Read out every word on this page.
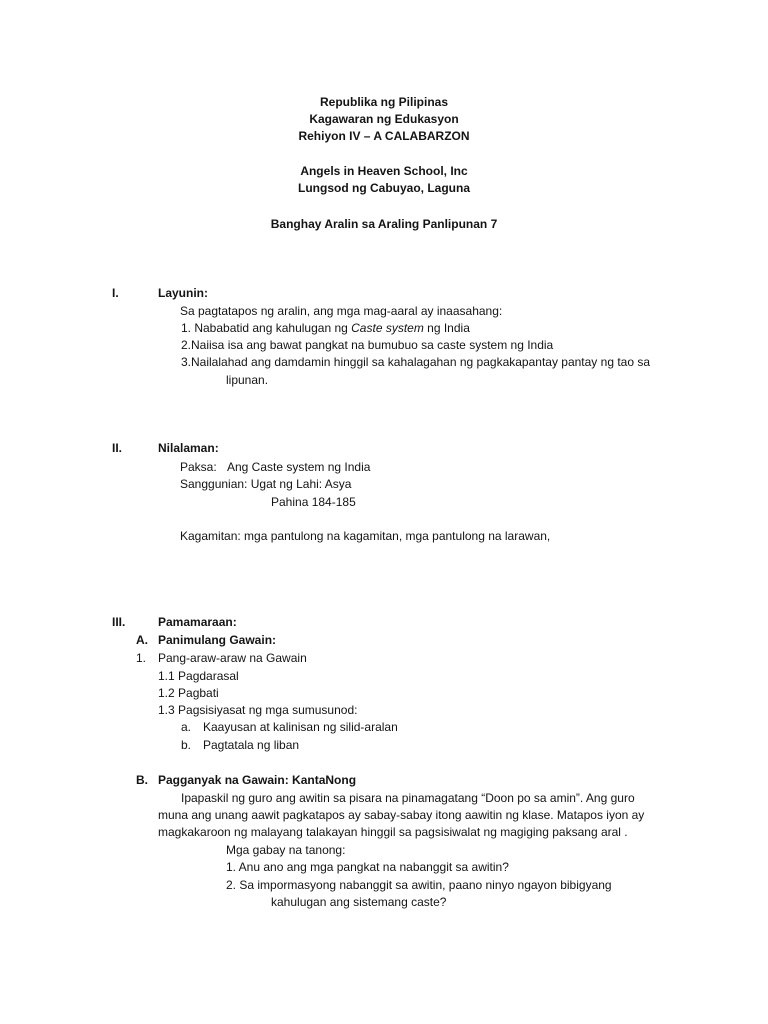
Republika ng Pilipinas
Kagawaran ng Edukasyon
Rehiyon IV – A CALABARZON
Angels in Heaven School, Inc
Lungsod ng Cabuyao, Laguna
Banghay Aralin sa Araling Panlipunan 7
I.	Layunin:
Sa pagtatapos ng aralin, ang mga mag-aaral ay inaasahang:
1. Nababatid ang kahulugan ng Caste system ng India
2.Naiisa isa ang bawat pangkat na bumubuo sa caste system ng India
3.Nailalahad ang damdamin hinggil sa kahalagahan ng pagkakapantay pantay ng tao sa
lipunan.
II.	Nilalaman:
Paksa: Ang Caste system ng India
Sanggunian: Ugat ng Lahi: Asya
Pahina 184-185
Kagamitan: mga pantulong na kagamitan, mga pantulong na larawan,
III.	Pamamaraan:
A. Panimulang Gawain:
1. Pang-araw-araw na Gawain
1.1 Pagdarasal
1.2 Pagbati
1.3 Pagsisiyasat ng mga sumusunod:
a. Kaayusan at kalinisan ng silid-aralan
b. Pagtatala ng liban
B. Pagganyak na Gawain: KantaNong
Ipapaskil ng guro ang awitin sa pisara na pinamagatang “Doon po sa amin”. Ang guro
muna ang unang aawit pagkatapos ay sabay-sabay itong aawitin ng klase. Matapos iyon ay
magkakaroon ng malayang talakayan hinggil sa pagsisiwalat ng magiging paksang aral .
Mga gabay na tanong:
1. Anu ano ang mga pangkat na nabanggit sa awitin?
2. Sa impormasyong nabanggit sa awitin, paano ninyo ngayon bibigyang
kahulugan ang sistemang caste?
